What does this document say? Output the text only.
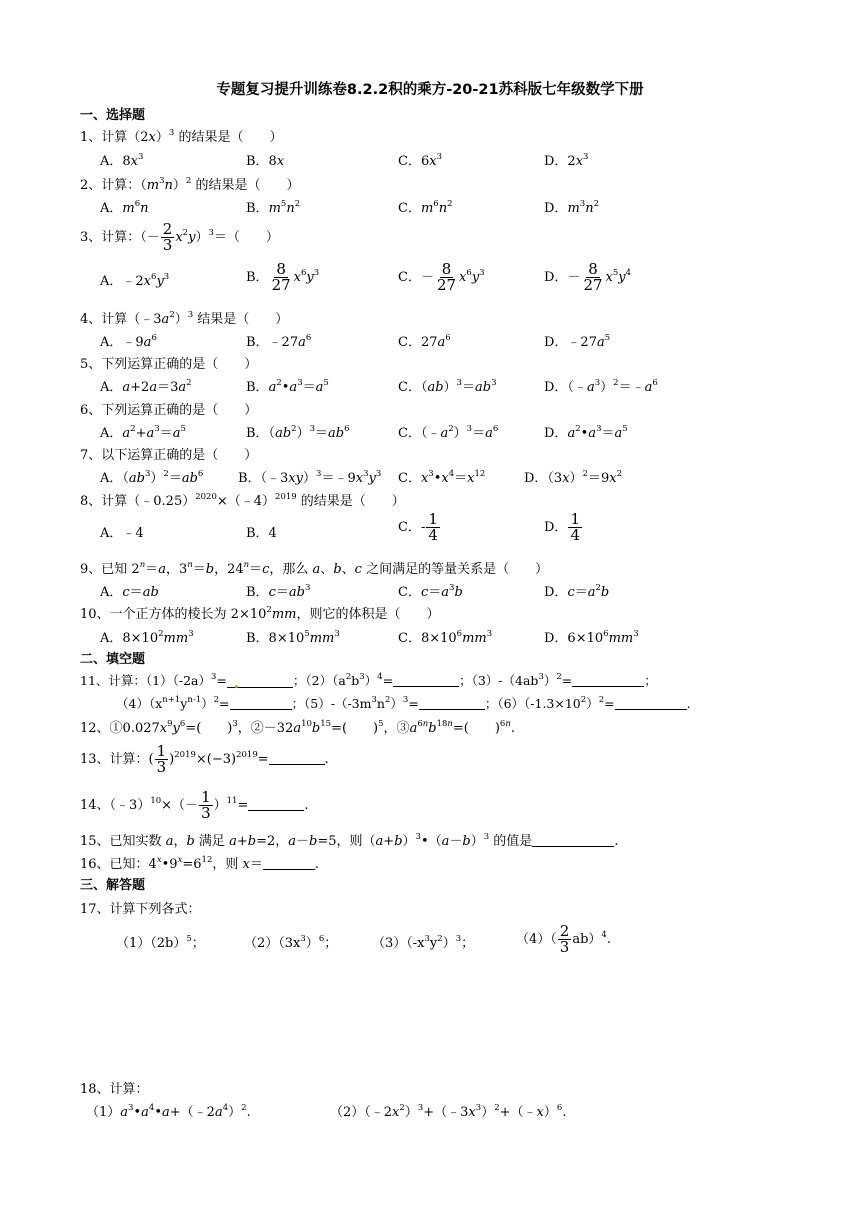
专题复习提升训练卷8.2.2积的乘方-20-21苏科版七年级数学下册
一、选择题
1、计算$(2x)^3$ 的结果是（　　）
A．$8x^3$	B．8x	C．$6x^3$	D．$2x^3$
2、计算：$(m^3n)^2$ 的结果是（　　）
A．$m^6n$	B．$m^5n^2$	C．$m^6n^2$	D．$m^3n^2$
3、计算：（－ $\frac{2}{3} x^2y)^3=$（　　）
A．$﹣2x^6y^3$	B． $\frac{8}{27} x^6y^3$	C．－ $\frac{8}{27} x^6y^3$	D．－ $\frac{8}{27} x^5y^4$
4、计算$(﹣3a^2)^3$ 结果是（　　）
A．$﹣9a^6$	B．$﹣27a^6$	C．$27a^6$	D．$﹣27a^5$
5、下列运算正确的是（　　）
A．$a+2a=3a^2$	B．$a^2•a^3=a^5$	C．$(ab)^3=ab^3$	D．$(﹣a^3)^2=﹣a^6$
6、下列运算正确的是（　　）
A．$a^2+a^3=a^5$	B．$(ab^2)^3=ab^6$	C．$(﹣a^2)^3=a^6$	D．$a^2•a^3=a^5$
7、以下运算正确的是（　　）
A．$(ab^3)^2=ab^6$	B．$(﹣3xy)^3=﹣9x^3y^3$ C．$x^3•x^4=x^{12}$	D．$(3x)^2=9x^2$
8、计算（﹣0.25）$^{2020}$×（﹣4）$^{2019}$ 的结果是（　　）
A．﹣4	B．4	C．- $\frac{1}{4}$	D． $\frac{1}{4}$
9、已知 $2^n=a$，$3^n=b$，$24^n=c$，那么 a、b、c 之间满足的等量关系是（　　）
A．c＝ab	B．$c=ab^3$	C．$c=a^3b$	D．$c=a^2b$
10、一个正方体的棱长为 $2\times 10^2mm$，则它的体积是（　　）
A．$8\times 10^2mm^3$	B．$8\times 10^5mm^3$	C．$8\times 10^6mm^3$	D．$6\times 10^6mm^3$
二、填空题
11、计算：$(1)(-2a)^3=$	；$(2)(a^2b^3)^4=$	；$(3)-(4ab^3)^2=$	；
$(4)(x^{n+1}y^{n-1})^2=$	；$(5)-(-3m^3n^2)^3=$	；$(6)(-1.3\times 10^2)^2=$	.
12、$①0.027x^9y^6=$(　　)$^3$，$②-32a^{10}b^{15}=$(　　)$^5$，$③a^{6n}b^{18n}=$(　　)$^{6n}$.
13、计算：( $\frac{1}{3} )^{2019}\times(-3)^{2019}=$	.
14、（﹣3）$^{10}$×（－ $\frac{1}{3} )^{11}=$	.
15、已知实数 a，b 满足 a+b=2，a－b=5，则$(a+b)^3•(a-b)^3$ 的值是	.
16、已知：$4^x•9^x=6^{12}$，则 x＝	.
三、解答题
17、计算下列各式：
$(1)(2b)^5$；	$(2)(3x^3)^6$；	$(3)(-x^3y^2)^3$；	$(4)( \frac{2}{3} ab)^4$.
18、计算：
$(1)a^3•a^4•a+(﹣2a^4)^2$.	$(2)(﹣2x^2)^3+(﹣3x^3)^2+(﹣x)^6$.
